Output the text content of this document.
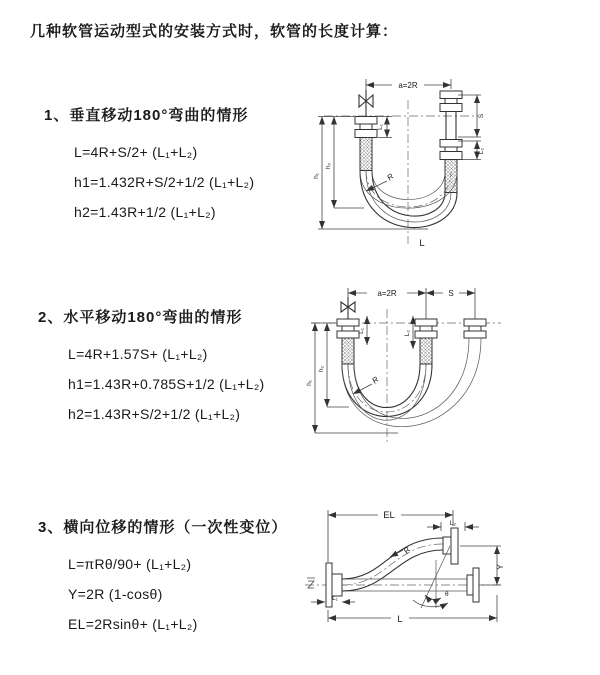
几种软管运动型式的安装方式时，软管的长度计算：
1、垂直移动180°弯曲的情形
L=4R+S/2+ (L₁+L₂)
h1=1.432R+S/2+1/2 (L₁+L₂)
h2=1.43R+1/2 (L₁+L₂)
a=2R
L₁
S
L₂
h₁
h₂
R
L
2、水平移动180°弯曲的情形
L=4R+1.57S+ (L₁+L₂)
h1=1.43R+0.785S+1/2 (L₁+L₂)
h2=1.43R+S/2+1/2 (L₁+L₂)
a=2R	S
L₁	L₂
h₁
h₂
R
3、横向位移的情形（一次性变位）
L=πRθ/90+ (L₁+L₂)
Y=2R (1-cosθ)
EL=2Rsinθ+ (L₁+L₂)
EL
L₂
R
θ
Y
L
L₁
